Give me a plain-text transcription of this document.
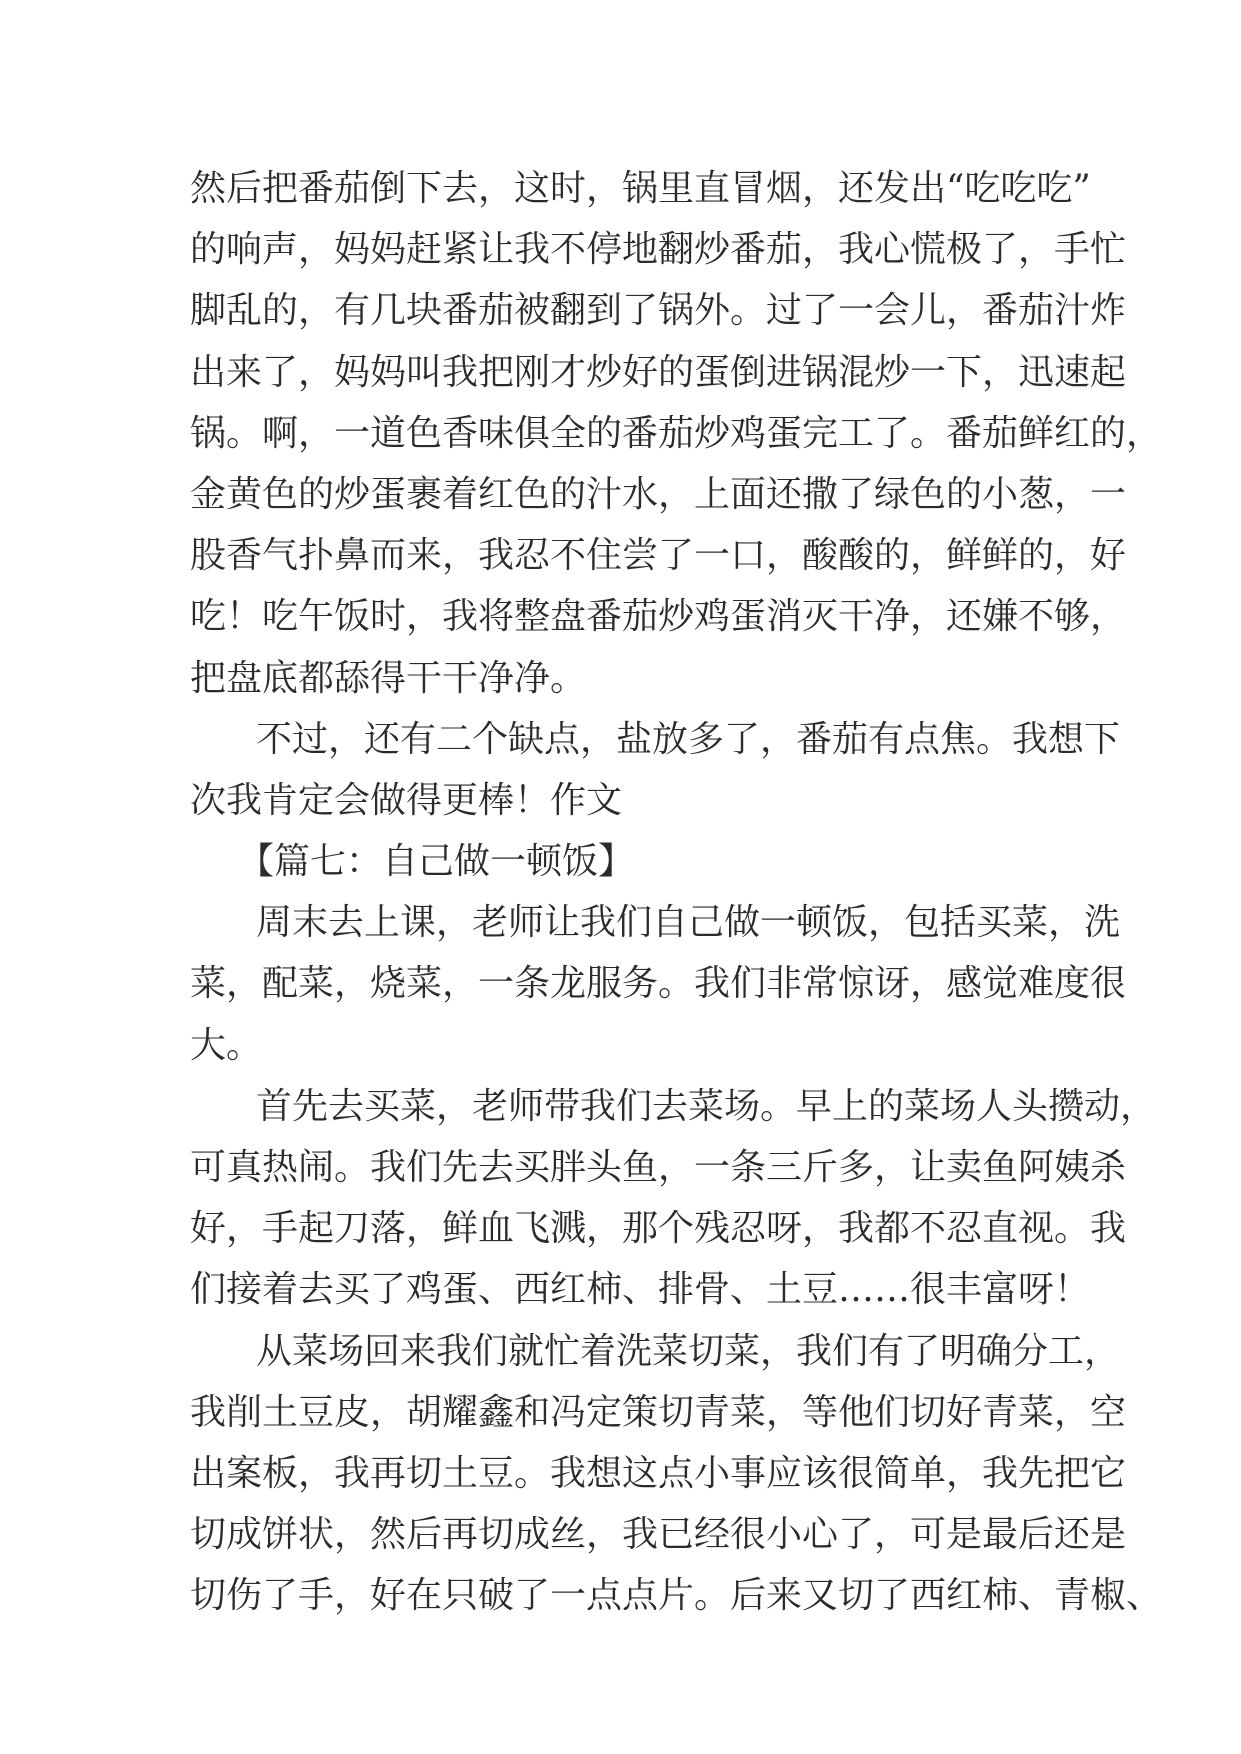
然后把番茄倒下去，这时，锅里直冒烟，还发出“吃吃吃”
的响声，妈妈赶紧让我不停地翻炒番茄，我心慌极了，手忙
脚乱的，有几块番茄被翻到了锅外。过了一会儿，番茄汁炸
出来了，妈妈叫我把刚才炒好的蛋倒进锅混炒一下，迅速起
锅。啊，一道色香味俱全的番茄炒鸡蛋完工了。番茄鲜红的，
金黄色的炒蛋裹着红色的汁水，上面还撒了绿色的小葱，一
股香气扑鼻而来，我忍不住尝了一口，酸酸的，鲜鲜的，好
吃！吃午饭时，我将整盘番茄炒鸡蛋消灭干净，还嫌不够，
把盘底都舔得干干净净。
不过，还有二个缺点，盐放多了，番茄有点焦。我想下
次我肯定会做得更棒！作文
【篇七：自己做一顿饭】
周末去上课，老师让我们自己做一顿饭，包括买菜，洗
菜，配菜，烧菜，一条龙服务。我们非常惊讶，感觉难度很
大。
首先去买菜，老师带我们去菜场。早上的菜场人头攒动，
可真热闹。我们先去买胖头鱼，一条三斤多，让卖鱼阿姨杀
好，手起刀落，鲜血飞溅，那个残忍呀，我都不忍直视。我
们接着去买了鸡蛋、西红柿、排骨、土豆……很丰富呀！
从菜场回来我们就忙着洗菜切菜，我们有了明确分工，
我削土豆皮，胡耀鑫和冯定策切青菜，等他们切好青菜，空
出案板，我再切土豆。我想这点小事应该很简单，我先把它
切成饼状，然后再切成丝，我已经很小心了，可是最后还是
切伤了手，好在只破了一点点片。后来又切了西红柿、青椒、
